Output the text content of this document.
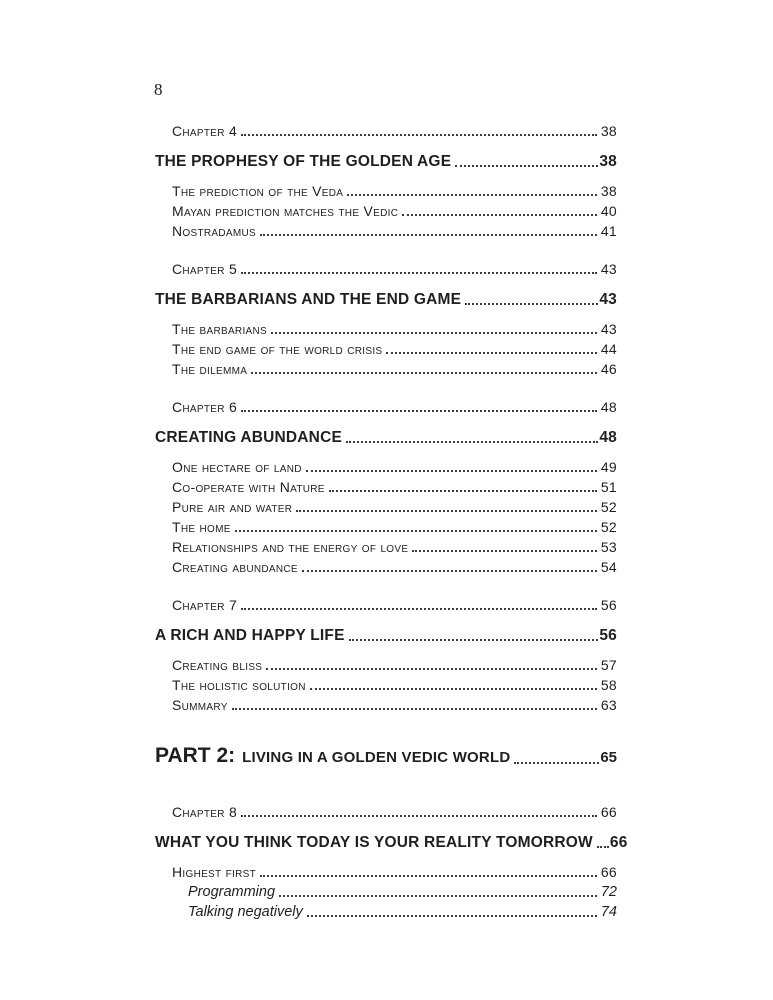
8
Chapter 4	38
THE PROPHESY OF THE GOLDEN AGE	38
The prediction of the Veda	38
Mayan prediction matches the Vedic	40
Nostradamus	41
Chapter 5	43
THE BARBARIANS AND THE END GAME	43
The barbarians	43
The end game of the world crisis	44
The dilemma	46
Chapter 6	48
CREATING ABUNDANCE	48
One hectare of land	49
Co-operate with Nature	51
Pure air and water	52
The home	52
Relationships and the energy of love	53
Creating abundance	54
Chapter 7	56
A RICH AND HAPPY LIFE	56
Creating bliss	57
The holistic solution	58
Summary	63
PART 2: LIVING IN A GOLDEN VEDIC WORLD	65
Chapter 8	66
WHAT YOU THINK TODAY IS YOUR REALITY TOMORROW 66
Highest first	66
Programming	72
Talking negatively	74
